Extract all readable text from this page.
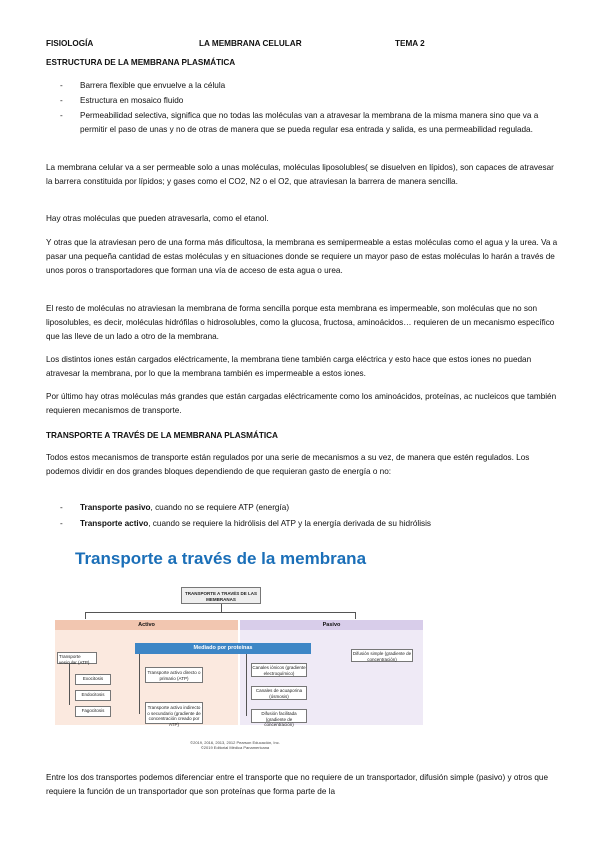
FISIOLOGÍA	LA MEMBRANA CELULAR	TEMA 2
ESTRUCTURA DE LA MEMBRANA PLASMÁTICA
- Barrera flexible que envuelve a la célula
- Estructura en mosaico fluido
- Permeabilidad selectiva, significa que no todas las moléculas van a atravesar la membrana de la misma manera sino que va a permitir el paso de unas y no de otras de manera que se pueda regular esa entrada y salida, es una permeabilidad regulada.
La membrana celular va a ser permeable solo a unas moléculas, moléculas liposolubles( se disuelven en lípidos), son capaces de atravesar la barrera constituida por lípidos; y gases como el CO2, N2 o el O2, que atraviesan la barrera de manera sencilla.
Hay otras moléculas que pueden atravesarla, como el etanol.
Y otras que la atraviesan pero de una forma más dificultosa, la membrana es semipermeable a estas moléculas como el agua y la urea. Va a pasar una pequeña cantidad de estas moléculas y en situaciones donde se requiere un mayor paso de estas moléculas lo harán a través de unos poros o transportadores que forman una vía de acceso de esta agua o urea.
El resto de moléculas no atraviesan la membrana de forma sencilla porque esta membrana es impermeable, son moléculas que no son liposolubles, es decir, moléculas hidrófilas o hidrosolubles, como la glucosa, fructosa, aminoácidos… requieren de un mecanismo específico que las lleve de un lado a otro de la membrana.
Los distintos iones están cargados eléctricamente, la membrana tiene también carga eléctrica y esto hace que estos iones no puedan atravesar la membrana, por lo que la membrana también es impermeable a estos iones.
Por último hay otras moléculas más grandes que están cargadas eléctricamente como los aminoácidos, proteínas, ac nucleicos que también requieren mecanismos de transporte.
TRANSPORTE A TRAVÉS DE LA MEMBRANA PLASMÁTICA
Todos estos mecanismos de transporte están regulados por una serie de mecanismos a su vez, de manera que estén regulados. Los podemos dividir en dos grandes bloques dependiendo de que requieran gasto de energía o no:
- Transporte pasivo, cuando no se requiere ATP (energía)
- Transporte activo, cuando se requiere la hidrólisis del ATP y la energía derivada de su hidrólisis
Transporte a través de la membrana
TRANSPORTE A TRAVÉS DE LAS MEMBRANAS
Activo	Pasivo
Mediado por proteínas
Transporte vesicular (ATP)
Exocitosis
Endocitosis
Fagocitosis
Transporte activo directo o primario (ATP)
Transporte activo indirecto o secundario (gradiente de concentración creado por ATP)
Canales iónicos (gradiente electroquímico)
Canales de acuaporina (ósmosis)
Difusión facilitada (gradiente de concentración)
Difusión simple (gradiente de concentración)
©2019, 2016, 2013, 2012 Pearson Educación, Inc.
©2019 Editorial Médica Panamericana
Entre los dos transportes podemos diferenciar entre el transporte que no requiere de un transportador, difusión simple (pasivo) y otros que requiere la función de un transportador que son proteínas que forma parte de la
